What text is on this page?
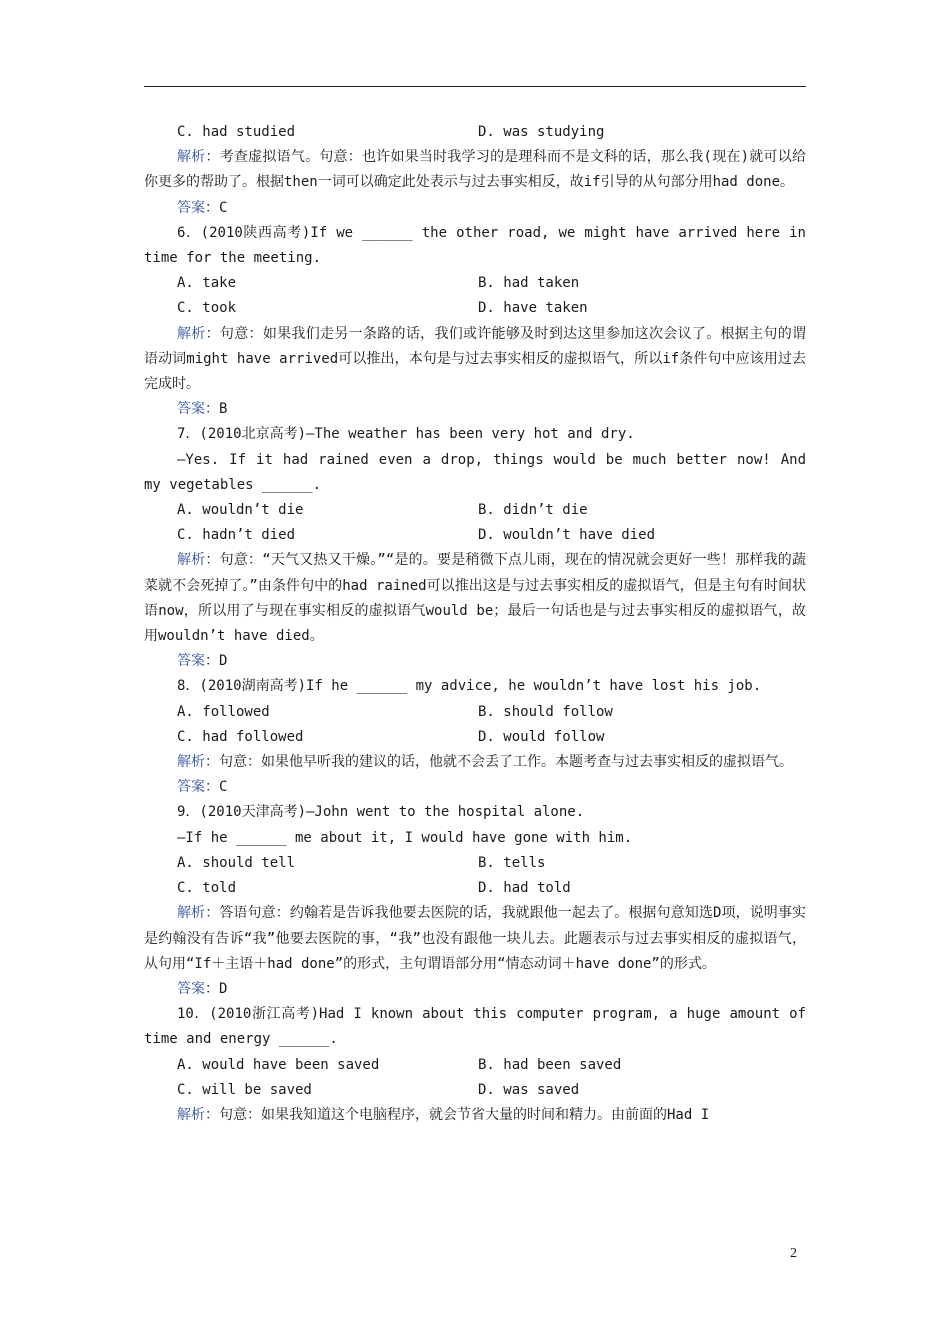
C. had studied	D. was studying

解析：考查虚拟语气。句意：也许如果当时我学习的是理科而不是文科的话，那么我(现在)就可以给你更多的帮助了。根据then一词可以确定此处表示与过去事实相反，故if引导的从句部分用had done。

答案：C

6．(2010陕西高考)If we ______ the other road, we might have arrived here in time for the meeting.

A. take	B. had taken
C. took	D. have taken

解析：句意：如果我们走另一条路的话，我们或许能够及时到达这里参加这次会议了。根据主句的谓语动词might have arrived可以推出，本句是与过去事实相反的虚拟语气，所以if条件句中应该用过去完成时。

答案：B

7．(2010北京高考)—The weather has been very hot and dry.

—Yes. If it had rained even a drop, things would be much better now! And my vegetables ______.

A. wouldn’t die	B. didn’t die
C. hadn’t died	D. wouldn’t have died

解析：句意：“天气又热又干燥。”“是的。要是稍微下点儿雨，现在的情况就会更好一些！那样我的蔬菜就不会死掉了。”由条件句中的had rained可以推出这是与过去事实相反的虚拟语气，但是主句有时间状语now，所以用了与现在事实相反的虚拟语气would be；最后一句话也是与过去事实相反的虚拟语气，故用wouldn’t have died。

答案：D

8．(2010湖南高考)If he ______ my advice, he wouldn’t have lost his job.

A. followed	B. should follow
C. had followed	D. would follow

解析：句意：如果他早听我的建议的话，他就不会丢了工作。本题考查与过去事实相反的虚拟语气。

答案：C

9．(2010天津高考)—John went to the hospital alone.

—If he ______ me about it, I would have gone with him.

A. should tell	B. tells
C. told	D. had told

解析：答语句意：约翰若是告诉我他要去医院的话，我就跟他一起去了。根据句意知选D项，说明事实是约翰没有告诉“我”他要去医院的事，“我”也没有跟他一块儿去。此题表示与过去事实相反的虚拟语气，从句用“If＋主语＋had done”的形式，主句谓语部分用“情态动词＋have done”的形式。

答案：D

10．(2010浙江高考)Had I known about this computer program, a huge amount of time and energy ______.

A. would have been saved	B. had been saved
C. will be saved	D. was saved

解析：句意：如果我知道这个电脑程序，就会节省大量的时间和精力。由前面的Had I

2
